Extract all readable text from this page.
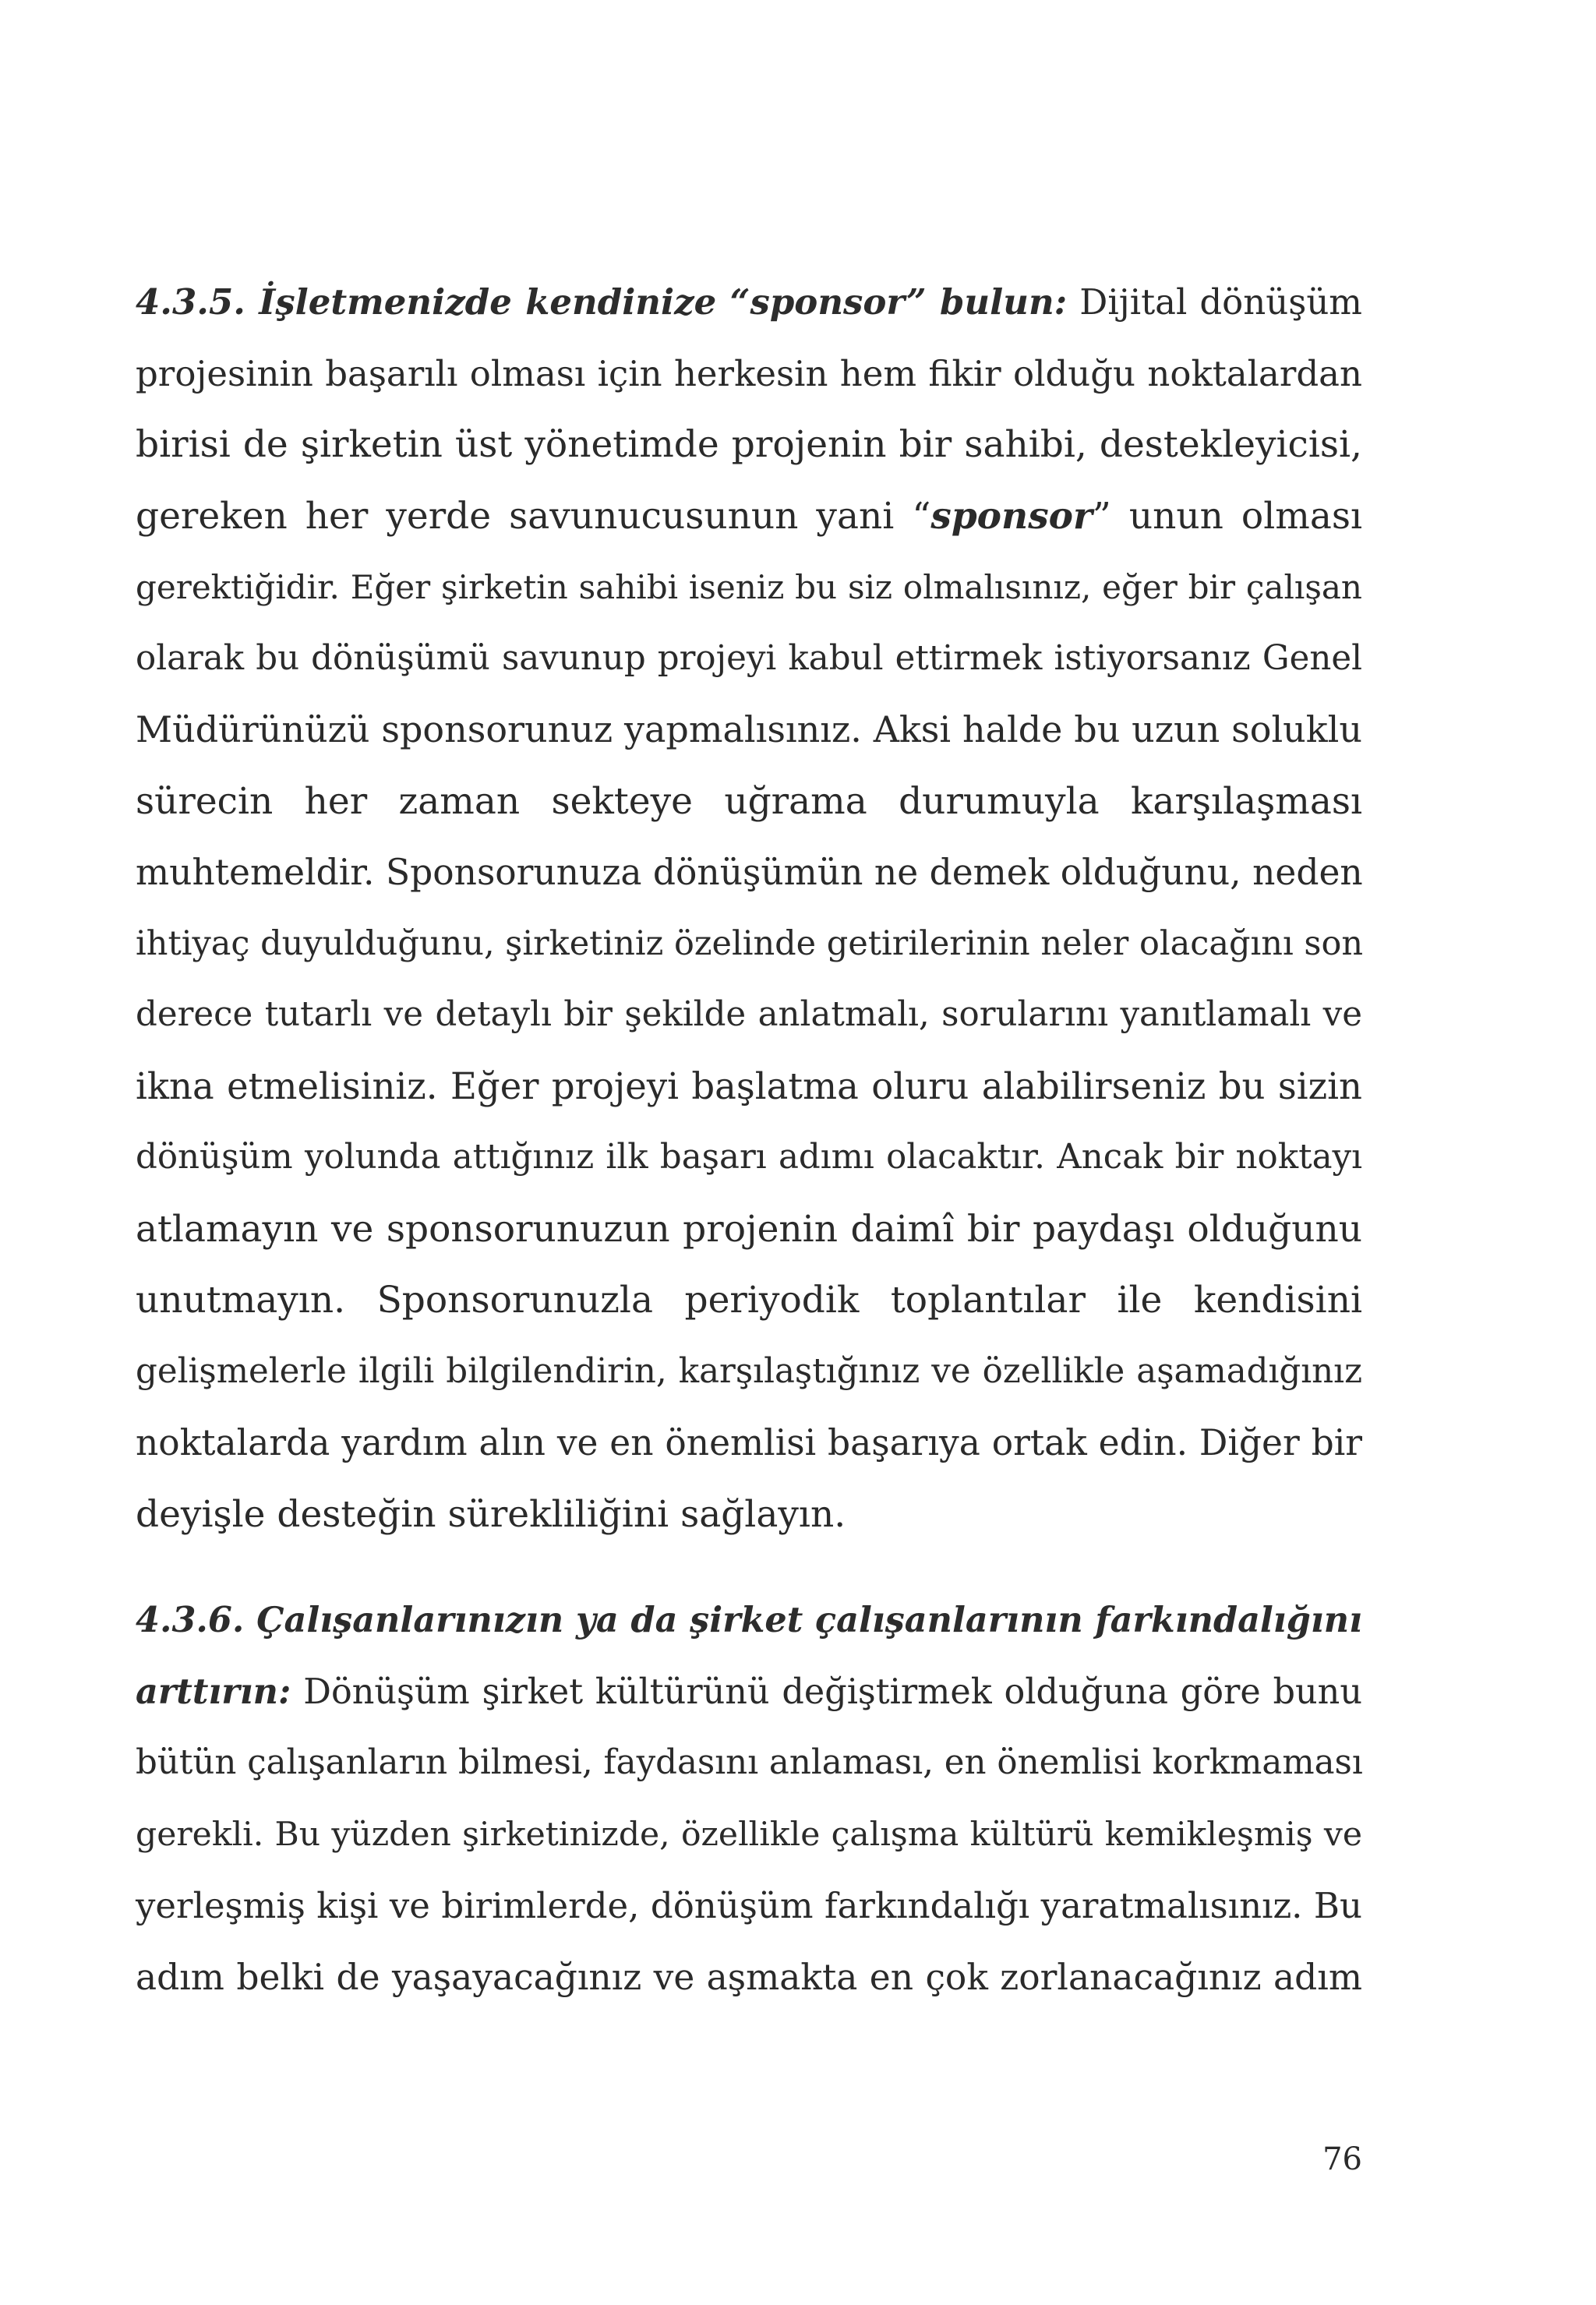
4.3.5. İşletmenizde kendinize “sponsor” bulun: Dijital dönüşüm
projesinin başarılı olması için herkesin hem fikir olduğu noktalardan
birisi de şirketin üst yönetimde projenin bir sahibi, destekleyicisi,
gereken her yerde savunucusunun yani “sponsor” unun olması
gerektiğidir. Eğer şirketin sahibi iseniz bu siz olmalısınız, eğer bir çalışan
olarak bu dönüşümü savunup projeyi kabul ettirmek istiyorsanız Genel
Müdürünüzü sponsorunuz yapmalısınız. Aksi halde bu uzun soluklu
sürecin her zaman sekteye uğrama durumuyla karşılaşması
muhtemeldir. Sponsorunuza dönüşümün ne demek olduğunu, neden
ihtiyaç duyulduğunu, şirketiniz özelinde getirilerinin neler olacağını son
derece tutarlı ve detaylı bir şekilde anlatmalı, sorularını yanıtlamalı ve
ikna etmelisiniz. Eğer projeyi başlatma oluru alabilirseniz bu sizin
dönüşüm yolunda attığınız ilk başarı adımı olacaktır. Ancak bir noktayı
atlamayın ve sponsorunuzun projenin daimî bir paydaşı olduğunu
unutmayın. Sponsorunuzla periyodik toplantılar ile kendisini
gelişmelerle ilgili bilgilendirin, karşılaştığınız ve özellikle aşamadığınız
noktalarda yardım alın ve en önemlisi başarıya ortak edin. Diğer bir
deyişle desteğin sürekliliğini sağlayın.
4.3.6. Çalışanlarınızın ya da şirket çalışanlarının farkındalığını
arttırın: Dönüşüm şirket kültürünü değiştirmek olduğuna göre bunu
bütün çalışanların bilmesi, faydasını anlaması, en önemlisi korkmaması
gerekli. Bu yüzden şirketinizde, özellikle çalışma kültürü kemikleşmiş ve
yerleşmiş kişi ve birimlerde, dönüşüm farkındalığı yaratmalısınız. Bu
adım belki de yaşayacağınız ve aşmakta en çok zorlanacağınız adım
76
